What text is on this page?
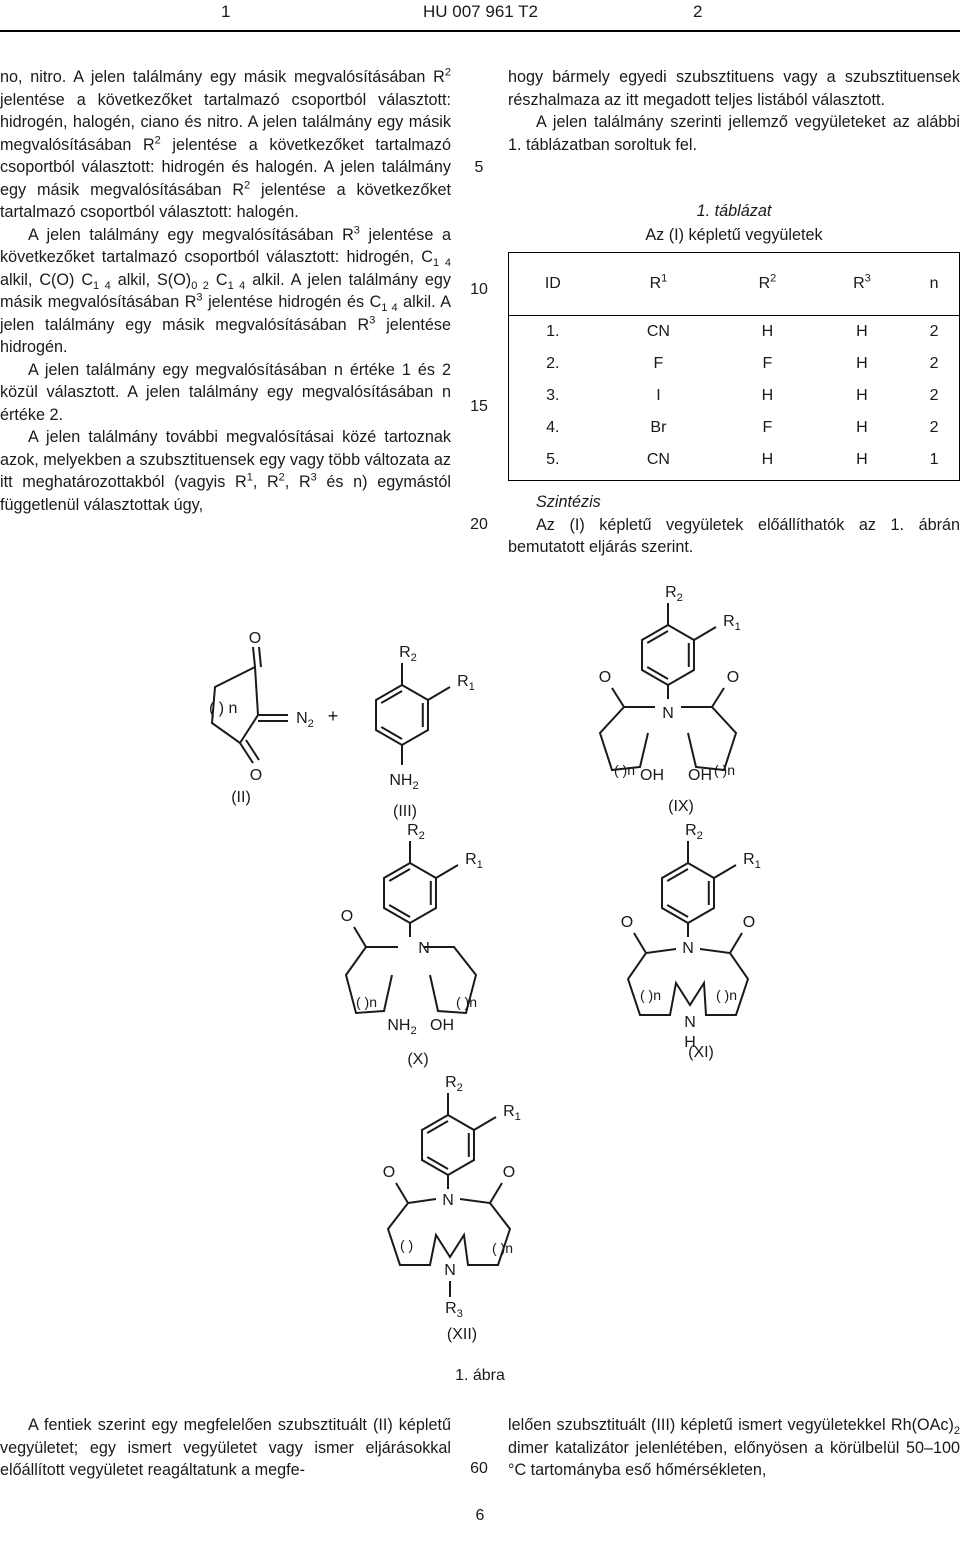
1	HU 007 961 T2	2

no, nitro. A jelen találmány egy másik megvalósításában $R^2$ jelentése a következőket tartalmazó csoportból választott: hidrogén, halogén, ciano és nitro. A jelen találmány egy másik megvalósításában $R^2$ jelentése a következőket tartalmazó csoportból választott: hidrogén és halogén. A jelen találmány egy másik megvalósításában $R^2$ jelentése a következőket tartalmazó csoportból választott: halogén.

A jelen találmány egy megvalósításában $R^3$ jelentése a következőket tartalmazó csoportból választott: hidrogén, $C_{1 4}$ alkil, C(O) $C_{1 4}$ alkil, $S(O)_{0 2}$ $C_{1 4}$ alkil. A jelen találmány egy másik megvalósításában $R^3$ jelentése hidrogén és $C_{1 4}$ alkil. A jelen találmány egy másik megvalósításában $R^3$ jelentése hidrogén.

A jelen találmány egy megvalósításában n értéke 1 és 2 közül választott. A jelen találmány egy megvalósításában n értéke 2.

A jelen találmány további megvalósításai közé tartoznak azok, melyekben a szubsztituensek egy vagy több változata az itt meghatározottakból (vagyis $R^1$, $R^2$, $R^3$ és n) egymástól függetlenül választottak úgy,

5
10
15
20
60

hogy bármely egyedi szubsztituens vagy a szubsztituensek részhalmaza az itt megadott teljes listából választott.

A jelen találmány szerinti jellemző vegyületeket az alábbi 1. táblázatban soroltuk fel.

1. táblázat
Az (I) képletű vegyületek
ID	$R^1$	$R^2$	$R^3$	n
1.	CN	H	H	2
2.	F	F	H	2
3.	I	H	H	2
4.	Br	F	H	2
5.	CN	H	H	1

Szintézis

Az (I) képletű vegyületek előállíthatók az 1. ábrán bemutatott eljárás szerint.

O
O
$N_2$
( ) n	+
$R_2$
$R_1$
$NH_2$
$R_2$
$R_1$
N
O
OH
( )n
O
OH ( )n
$R_2$
$R_1$
N
O
$NH_2$
( )n
OH
( )n
$R_2$
$R_1$
N
O	O
N
H
( )n	( )n
$R_2$
$R_1$
N
O	O
N
$R_3$
( )	( )n
(II)
(III)	(IX)
(X)	(XI)
(XII)
1. ábra

A fentiek szerint egy megfelelően szubsztituált (II) képletű vegyületet; egy ismert vegyületet vagy ismer eljárásokkal előállított vegyületet reagáltatunk a megfe-

lelően szubsztituált (III) képletű ismert vegyületekkel $Rh(OAc)_2$ dimer katalizátor jelenlétében, előnyösen a körülbelül 50–100 °C tartományba eső hőmérsékleten,

6
